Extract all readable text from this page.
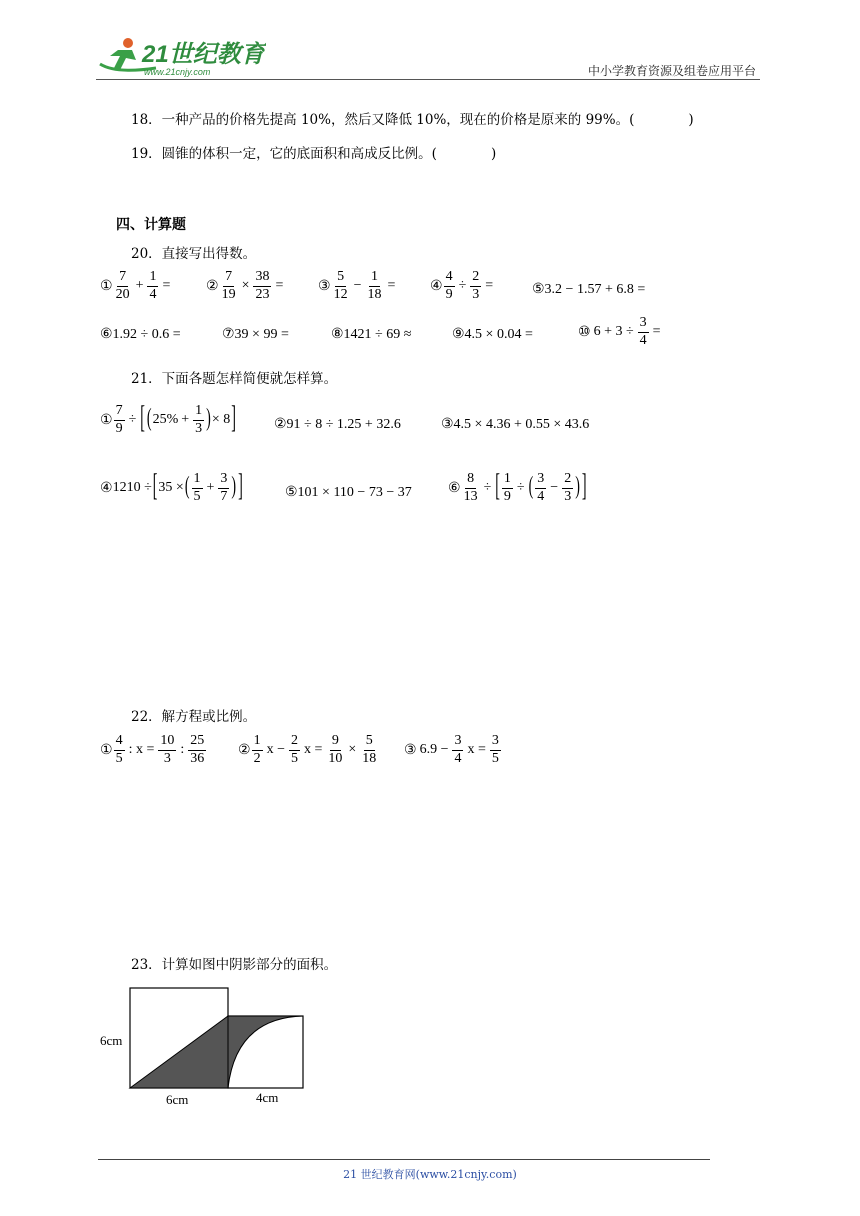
21世纪教育
www.21cnjy.com	中小学教育资源及组卷应用平台
18．一种产品的价格先提高 10%，然后又降低 10%，现在的价格是原来的 99%。(　　　　)
19．圆锥的体积一定，它的底面积和高成反比例。(　　　　)
四、计算题
20．直接写出得数。
① $\frac{7}{20} + \frac{1}{4}$ =	② $\frac{7}{19} \times \frac{38}{23}$ = ③ $\frac{5}{12} - \frac{1}{18}$ = ④ $\frac{4}{9} \div \frac{2}{3}$ =	⑤3.2 − 1.57 + 6.8 =
⑥1.92 ÷ 0.6 =	⑦39 × 99 =	⑧1421 ÷ 69 ≈	⑨4.5 × 0.04 =	⑩ $6 + 3 \div \frac{3}{4}$ =
21．下面各题怎样简便就怎样算。
① $\frac{7}{9}$ ÷ [ ( $25\% + \frac{1}{3}$ ) × 8 ]	②91 ÷ 8 ÷ 1.25 + 32.6	③4.5 × 4.36 + 0.55 × 43.6
④ 1210 ÷ [ 35 × ( $\frac{1}{5} + \frac{3}{7}$ ) ]	⑤101 × 110 − 73 − 37	⑥ $\frac{8}{13}$ ÷ [ $\frac{1}{9}$ ÷ ( $\frac{3}{4} - \frac{2}{3}$ ) ]
22．解方程或比例。
① $\frac{4}{5}$ : $x = \frac{10}{3}$ : $\frac{25}{36}$ ② $\frac{1}{2}$ $x - \frac{2}{5}$ $x = \frac{9}{10} \times \frac{5}{18}$ ③ $6.9 - \frac{3}{4}$ $x = \frac{3}{5}$
23．计算如图中阴影部分的面积。
6cm
6cm	4cm
21 世纪教育网(www.21cnjy.com)
